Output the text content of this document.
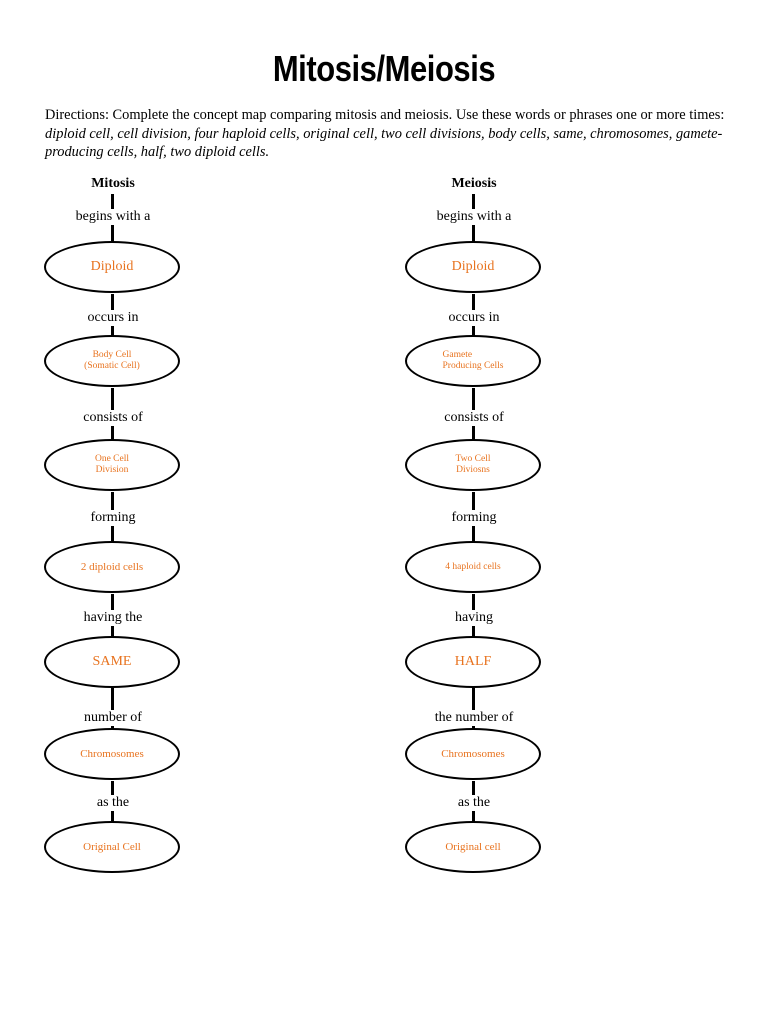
Mitosis/Meiosis
Directions: Complete the concept map comparing mitosis and meiosis. Use these words or phrases one or more times: diploid cell, cell division, four haploid cells, original cell, two cell divisions, body cells, same, chromosomes, gamete-producing cells, half, two diploid cells.
Mitosis
begins with a
Diploid
occurs in
Body Cell
(Somatic Cell)
consists of
One Cell
Division
forming
2 diploid cells
having the
SAME
number of
Chromosomes
as the
Original Cell
Meiosis
begins with a
Diploid
occurs in
Gamete
Producing Cells
consists of
Two Cell
Diviosns
forming
4 haploid cells
having
HALF
the number of
Chromosomes
as the
Original cell
